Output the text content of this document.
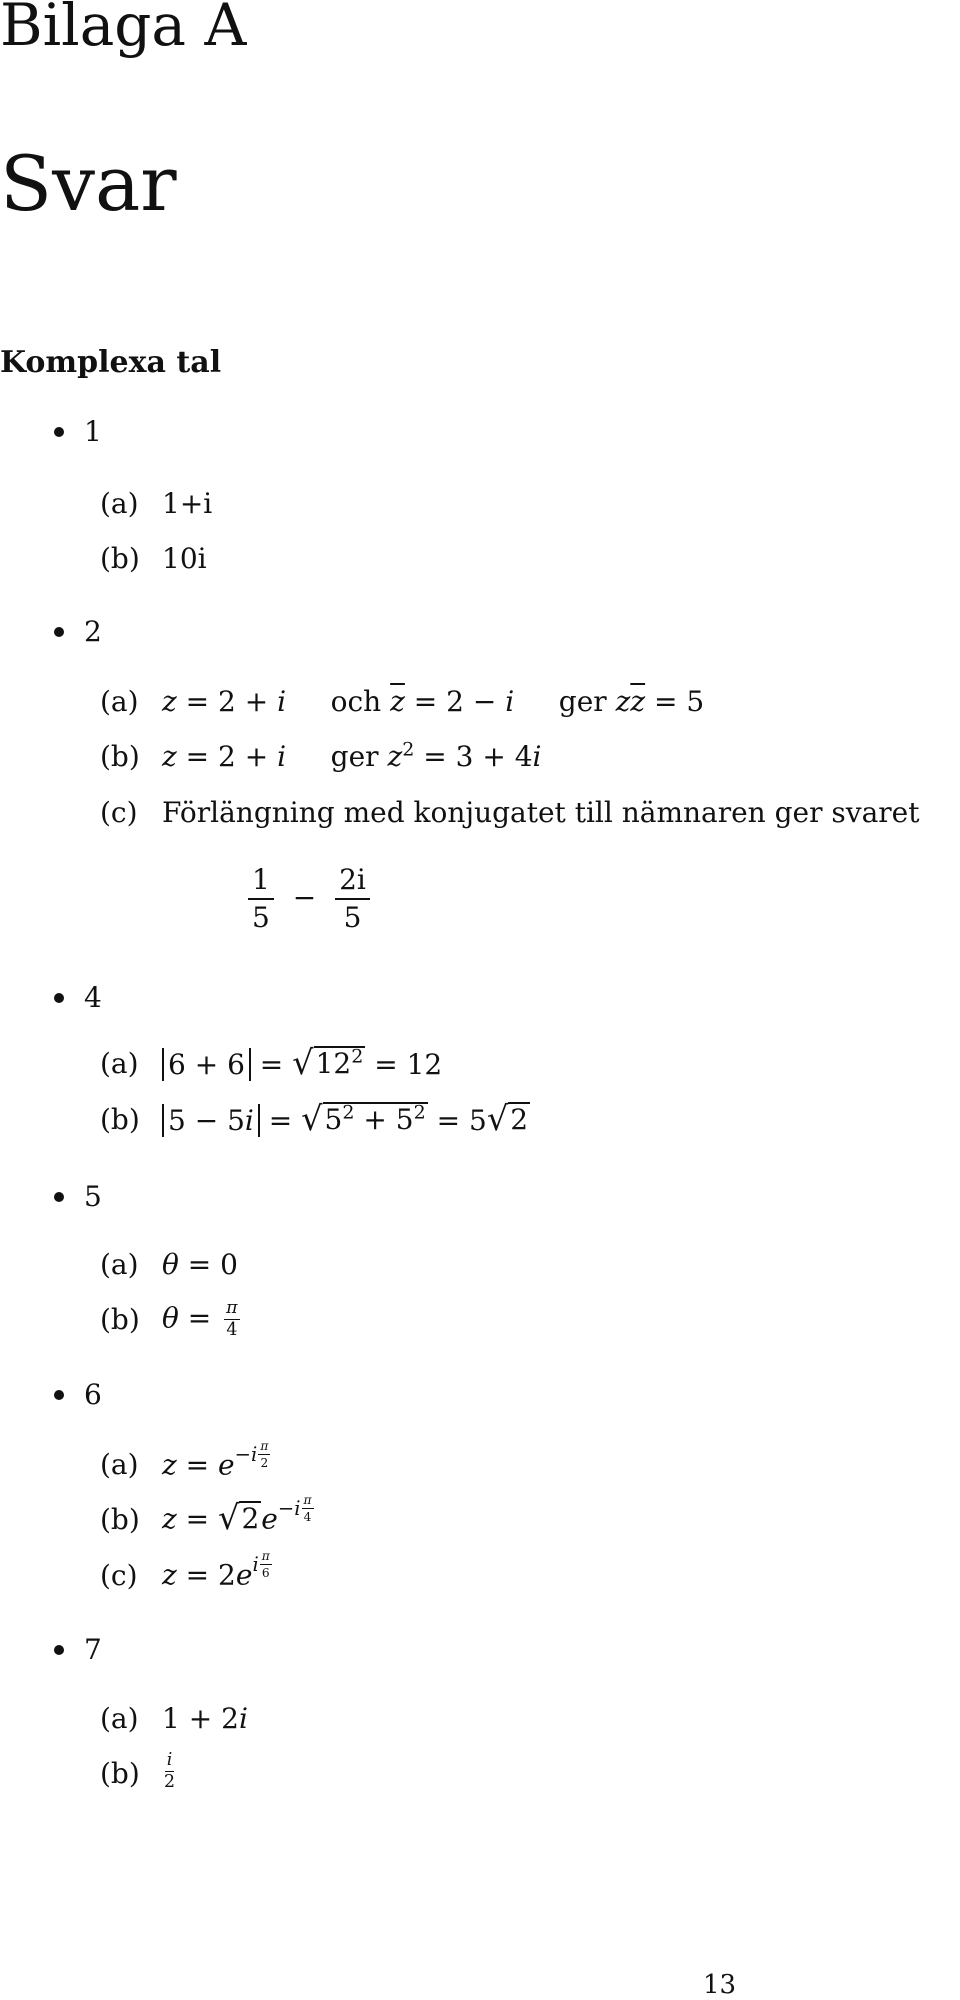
Bilaga A
Svar
Komplexa tal
1
(a) 1+i
(b) 10i
2
(a) z = 2 + i och $\overline{z} = 2 - i$ ger $z\overline{z} = 5$
(b) z = 2 + i ger $z^2 = 3 + 4i$
(c) Förlängning med konjugatet till nämnaren ger svaret
$\frac{1}{5} - \frac{2i}{5}$
4
(a) 6 + 6 = √ $12^2 = 12$
(b) 5 − 5i = √ $5^2 + 5^2 = 5$ √ 2
5
(a) θ = 0
(b) $\theta = \frac{\pi}{4}$
6
(a) $z = e -i \frac{\pi}{2}$
(b) z = √ 2 $e -i \frac{\pi}{4}$
(c) z = 2e i $\frac{\pi}{6}$
7
(a) 1 + 2i
$(b) \frac{i}{2}$
13
